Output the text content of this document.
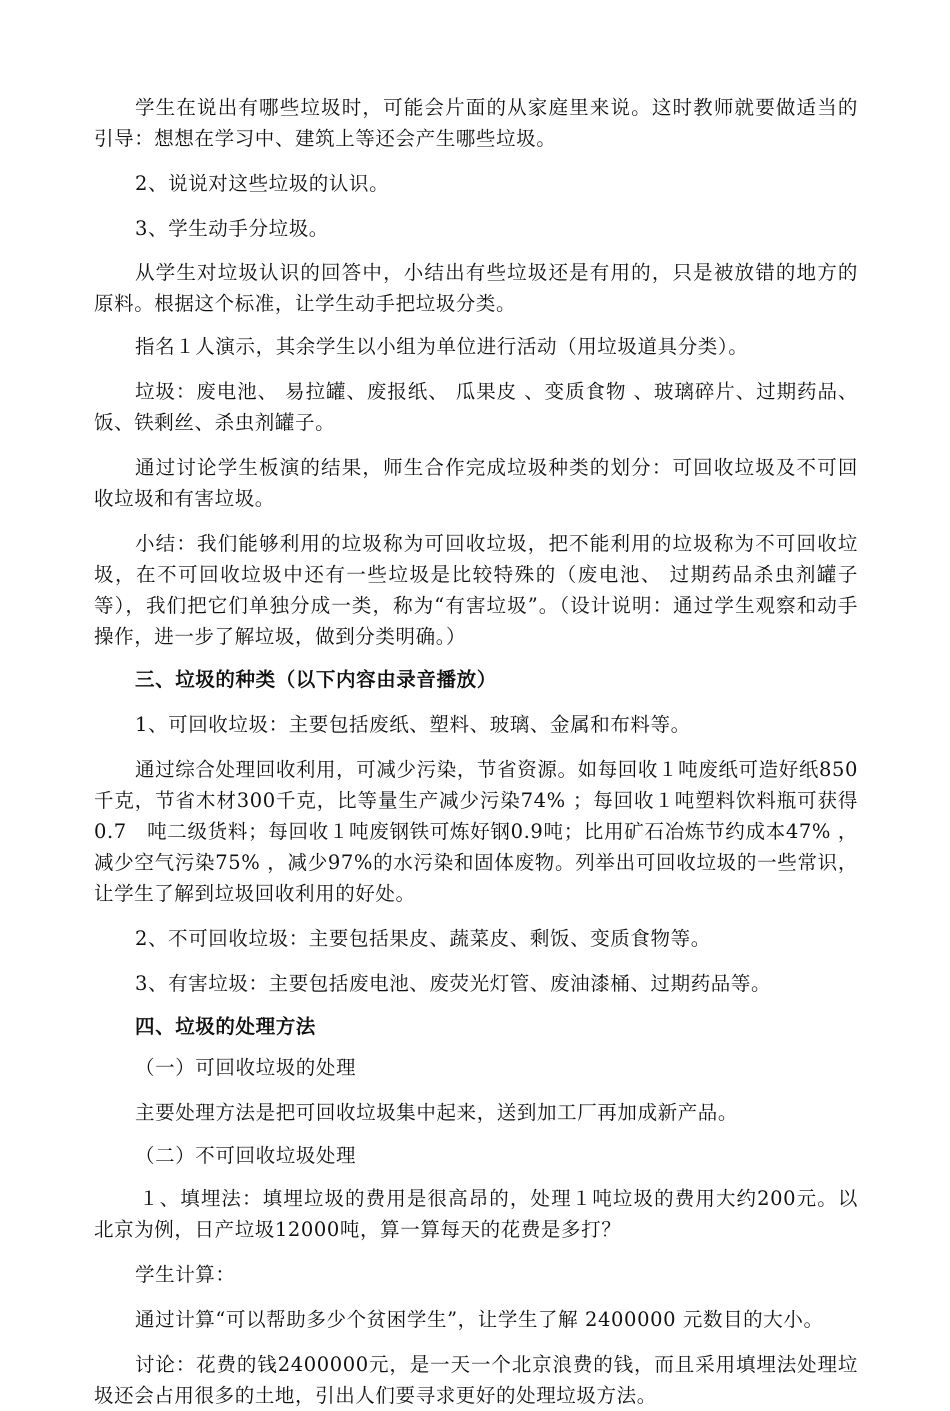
学生在说出有哪些垃圾时，可能会片面的从家庭里来说。这时教师就要做适当的引导：想想在学习中、建筑上等还会产生哪些垃圾。

2、说说对这些垃圾的认识。

3、学生动手分垃圾。

从学生对垃圾认识的回答中，小结出有些垃圾还是有用的，只是被放错的地方的原料。根据这个标准，让学生动手把垃圾分类。

指名１人演示，其余学生以小组为单位进行活动（用垃圾道具分类）。

垃圾：废电池、 易拉罐、废报纸、 瓜果皮 、变质食物 、玻璃碎片、过期药品、饭、铁剩丝、杀虫剂罐子。

通过讨论学生板演的结果，师生合作完成垃圾种类的划分：可回收垃圾及不可回收垃圾和有害垃圾。

小结：我们能够利用的垃圾称为可回收垃圾，把不能利用的垃圾称为不可回收垃圾，在不可回收垃圾中还有一些垃圾是比较特殊的（废电池、 过期药品杀虫剂罐子等），我们把它们单独分成一类，称为“有害垃圾”。（设计说明：通过学生观察和动手操作，进一步了解垃圾，做到分类明确。）

三、垃圾的种类（以下内容由录音播放）

1、可回收垃圾：主要包括废纸、塑料、玻璃、金属和布料等。

通过综合处理回收利用，可减少污染，节省资源。如每回收１吨废纸可造好纸850千克，节省木材300千克，比等量生产减少污染74% ；每回收１吨塑料饮料瓶可获得0.7　吨二级货料；每回收１吨废钢铁可炼好钢0.9吨；比用矿石冶炼节约成本47% ，减少空气污染75% ，减少97%的水污染和固体废物。列举出可回收垃圾的一些常识，让学生了解到垃圾回收利用的好处。

2、不可回收垃圾：主要包括果皮、蔬菜皮、剩饭、变质食物等。

3、有害垃圾：主要包括废电池、废荧光灯管、废油漆桶、过期药品等。

四、垃圾的处理方法

（一）可回收垃圾的处理

主要处理方法是把可回收垃圾集中起来，送到加工厂再加成新产品。

（二）不可回收垃圾处理

１、填埋法：填埋垃圾的费用是很高昂的，处理１吨垃圾的费用大约200元。以北京为例，日产垃圾12000吨，算一算每天的花费是多打？

学生计算：

通过计算“可以帮助多少个贫困学生”，让学生了解 2400000 元数目的大小。

讨论：花费的钱2400000元，是一天一个北京浪费的钱，而且采用填埋法处理垃圾还会占用很多的土地，引出人们要寻求更好的处理垃圾方法。
